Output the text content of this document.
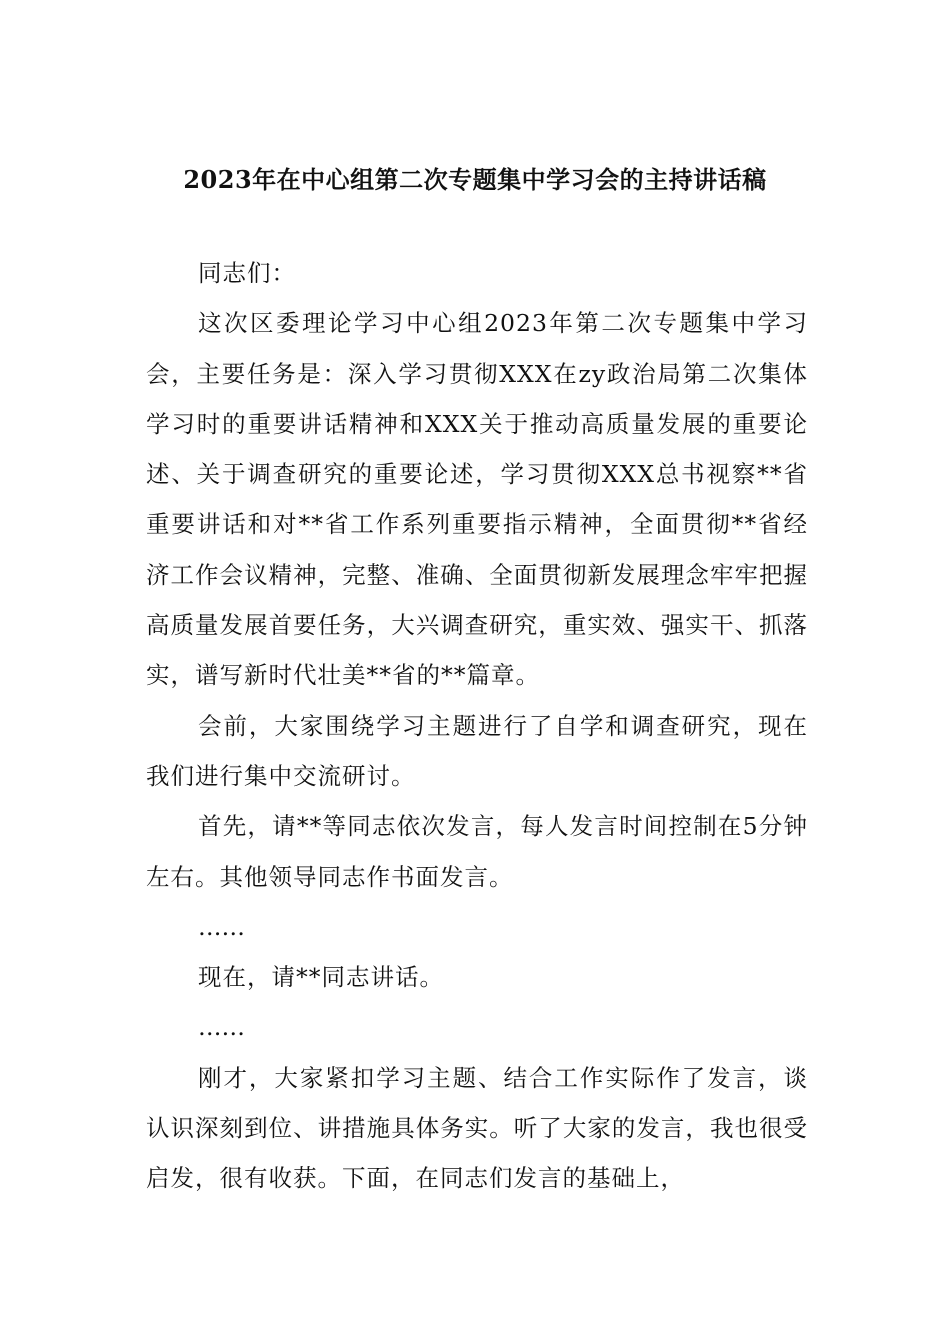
2023年在中心组第二次专题集中学习会的主持讲话稿

同志们：

这次区委理论学习中心组2023年第二次专题集中学习会，主要任务是：深入学习贯彻XXX在zy政治局第二次集体学习时的重要讲话精神和XXX关于推动高质量发展的重要论述、关于调查研究的重要论述，学习贯彻XXX总书视察**省重要讲话和对**省工作系列重要指示精神，全面贯彻**省经济工作会议精神，完整、准确、全面贯彻新发展理念牢牢把握高质量发展首要任务，大兴调查研究，重实效、强实干、抓落实，谱写新时代壮美**省的**篇章。

会前，大家围绕学习主题进行了自学和调查研究，现在我们进行集中交流研讨。

首先，请**等同志依次发言，每人发言时间控制在5分钟左右。其他领导同志作书面发言。

……

现在，请**同志讲话。

……

刚才，大家紧扣学习主题、结合工作实际作了发言，谈认识深刻到位、讲措施具体务实。听了大家的发言，我也很受启发，很有收获。下面，在同志们发言的基础上，
